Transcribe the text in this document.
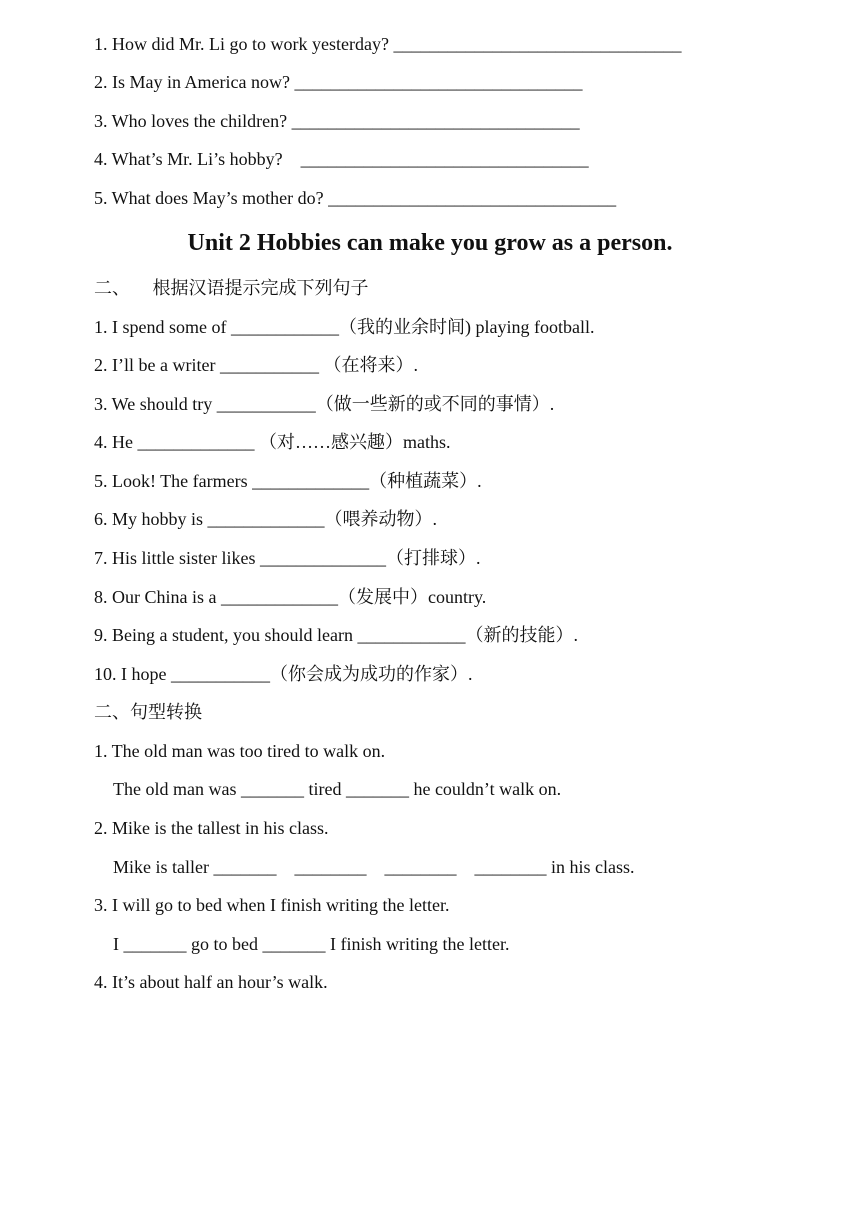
1. How did Mr. Li go to work yesterday? ________________________________
2. Is May in America now? ________________________________
3. Who loves the children? ________________________________
4. What’s Mr. Li’s hobby?    ________________________________
5. What does May’s mother do? ________________________________
Unit 2 Hobbies can make you grow as a person.
二、     根据汉语提示完成下列句子
1. I spend some of ____________（我的业余时间) playing football.
2. I’ll be a writer ___________ （在将来）.
3. We should try ___________（做一些新的或不同的事情）.
4. He _____________ （对……感兴趣）maths.
5. Look! The farmers _____________（种植蔬菜）.
6. My hobby is _____________（喂养动物）.
7. His little sister likes ______________（打排球）.
8. Our China is a _____________（发展中）country.
9. Being a student, you should learn ____________（新的技能）.
10. I hope ___________（你会成为成功的作家）.
二、句型转换
1. The old man was too tired to walk on.
The old man was _______ tired _______ he couldn’t walk on.
2. Mike is the tallest in his class.
Mike is taller _______    ________    ________    ________ in his class.
3. I will go to bed when I finish writing the letter.
I _______ go to bed _______ I finish writing the letter.
4. It’s about half an hour’s walk.
